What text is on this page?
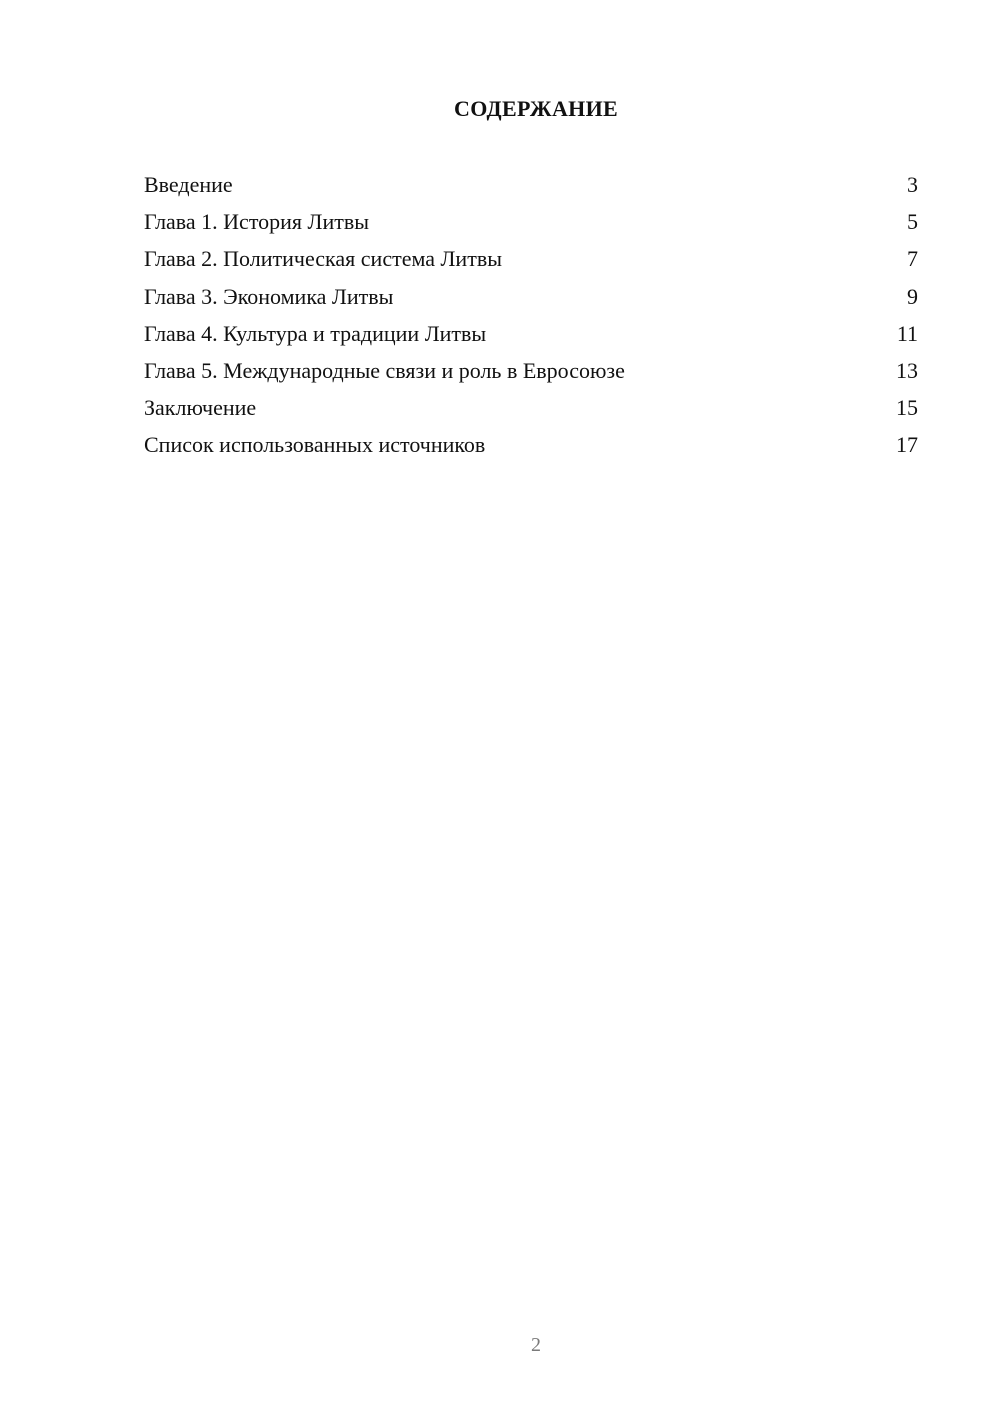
СОДЕРЖАНИЕ
Введение	3
Глава 1. История Литвы	5
Глава 2. Политическая система Литвы	7
Глава 3. Экономика Литвы	9
Глава 4. Культура и традиции Литвы	11
Глава 5. Международные связи и роль в Евросоюзе	13
Заключение	15
Список использованных источников	17
2
